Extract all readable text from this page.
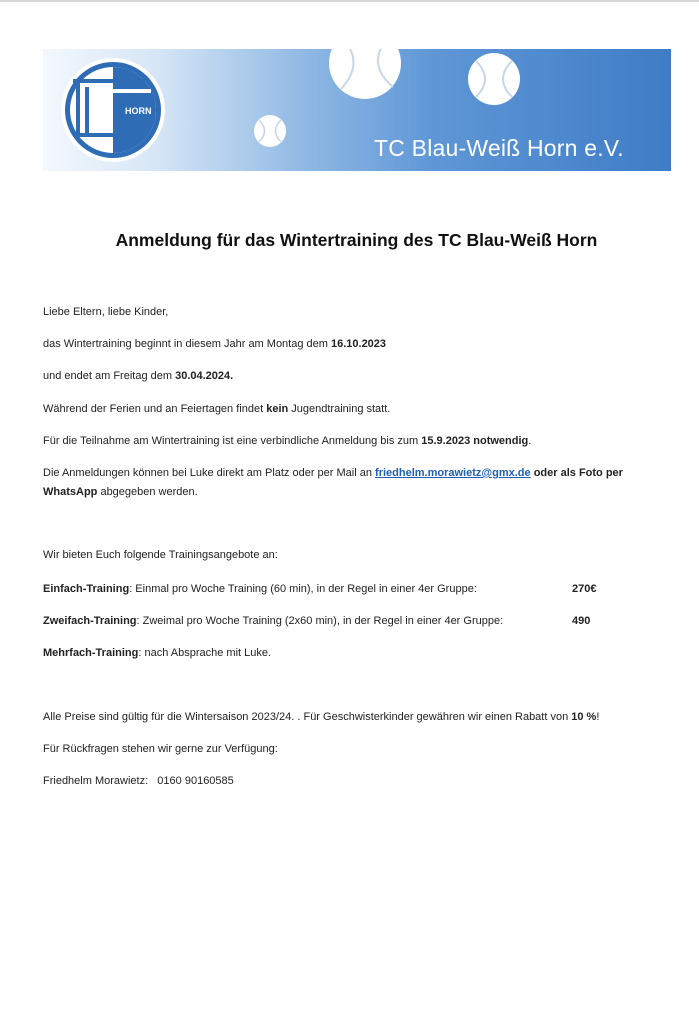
HORN
TC Blau-Weiß Horn e.V.
Anmeldung für das Wintertraining des TC Blau-Weiß Horn
Liebe Eltern, liebe Kinder,
das Wintertraining beginnt in diesem Jahr am Montag dem 16.10.2023
und endet am Freitag dem 30.04.2024.
Während der Ferien und an Feiertagen findet kein Jugendtraining statt.
Für die Teilnahme am Wintertraining ist eine verbindliche Anmeldung bis zum 15.9.2023 notwendig.
Die Anmeldungen können bei Luke direkt am Platz oder per Mail an friedhelm.morawietz@gmx.de oder als Foto per WhatsApp abgegeben werden.
Wir bieten Euch folgende Trainingsangebote an:
Einfach-Training: Einmal pro Woche Training (60 min), in der Regel in einer 4er Gruppe:	270€
Zweifach-Training: Zweimal pro Woche Training (2x60 min), in der Regel in einer 4er Gruppe:	490
Mehrfach-Training: nach Absprache mit Luke.
Alle Preise sind gültig für die Wintersaison 2023/24. . Für Geschwisterkinder gewähren wir einen Rabatt von 10 %!
Für Rückfragen stehen wir gerne zur Verfügung:
Friedhelm Morawietz:   0160 90160585
